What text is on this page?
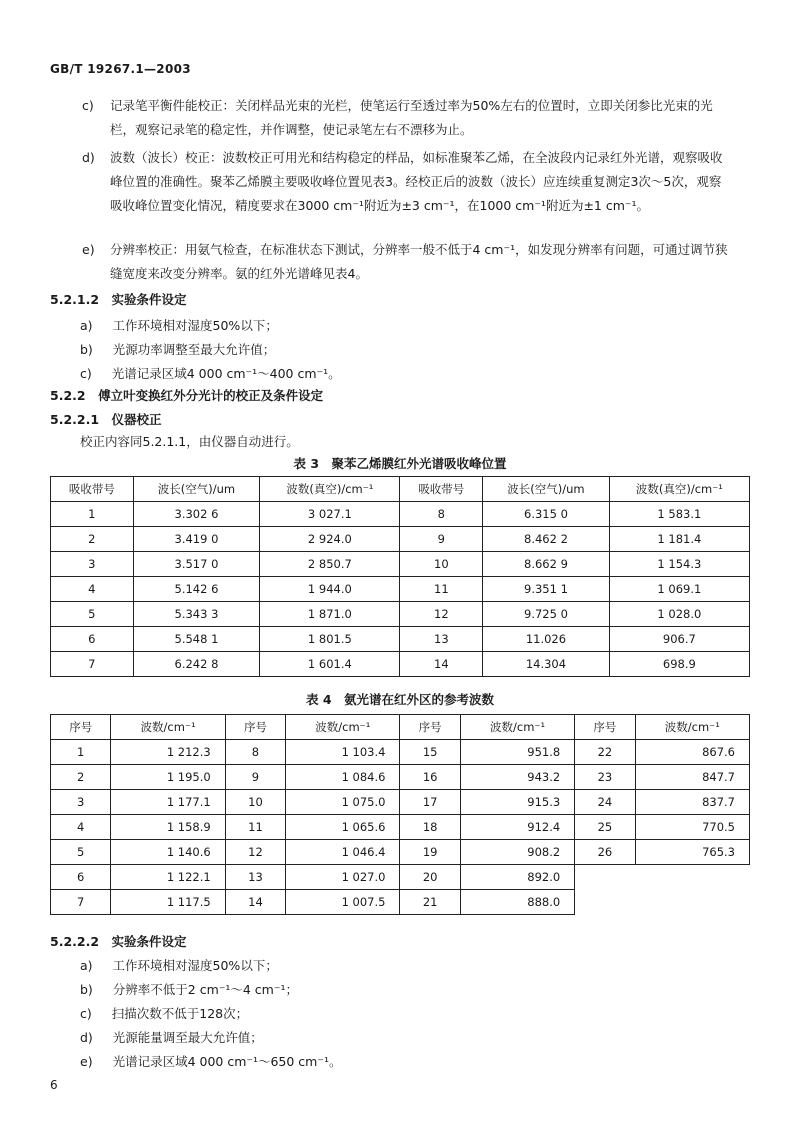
GB/T 19267.1—2003
c) 记录笔平衡件能校正：关闭样品光束的光栏，使笔运行至透过率为50%左右的位置时，立即关闭参比光束的光栏，观察记录笔的稳定性，并作调整，使记录笔左右不漂移为止。
d) 波数（波长）校正：波数校正可用光和结构稳定的样品，如标准聚苯乙烯，在全波段内记录红外光谱，观察吸收峰位置的准确性。聚苯乙烯膜主要吸收峰位置见表3。经校正后的波数（波长）应连续重复测定3次～5次，观察吸收峰位置变化情况，精度要求在3000 cm⁻¹附近为±3 cm⁻¹，在1000 cm⁻¹附近为±1 cm⁻¹。
e) 分辨率校正：用氨气检查，在标准状态下测试，分辨率一般不低于4 cm⁻¹，如发现分辨率有问题，可通过调节狭缝宽度来改变分辨率。氨的红外光谱峰见表4。
5.2.1.2　实验条件设定
a) 工作环境相对湿度50%以下；
b) 光源功率调整至最大允许值；
c) 光谱记录区域4 000 cm⁻¹～400 cm⁻¹。
5.2.2　傅立叶变换红外分光计的校正及条件设定
5.2.2.1　仪器校正
校正内容同5.2.1.1，由仪器自动进行。
表 3　聚苯乙烯膜红外光谱吸收峰位置
吸收带号	波长(空气)/um	波数(真空)/cm⁻¹	吸收带号	波长(空气)/um	波数(真空)/cm⁻¹
1	3.302 6	3 027.1	8	6.315 0	1 583.1
2	3.419 0	2 924.0	9	8.462 2	1 181.4
3	3.517 0	2 850.7	10	8.662 9	1 154.3
4	5.142 6	1 944.0	11	9.351 1	1 069.1
5	5.343 3	1 871.0	12	9.725 0	1 028.0
6	5.548 1	1 801.5	13	11.026	906.7
7	6.242 8	1 601.4	14	14.304	698.9
表 4　氨光谱在红外区的参考波数
序号	波数/cm⁻¹	序号	波数/cm⁻¹	序号	波数/cm⁻¹	序号	波数/cm⁻¹
1	1 212.3	8	1 103.4	15	951.8	22	867.6
2	1 195.0	9	1 084.6	16	943.2	23	847.7
3	1 177.1	10	1 075.0	17	915.3	24	837.7
4	1 158.9	11	1 065.6	18	912.4	25	770.5
5	1 140.6	12	1 046.4	19	908.2	26	765.3
6	1 122.1	13	1 027.0	20	892.0		
7	1 117.5	14	1 007.5	21	888.0		
5.2.2.2　实验条件设定
a) 工作环境相对湿度50%以下；
b) 分辨率不低于2 cm⁻¹～4 cm⁻¹；
c) 扫描次数不低于128次；
d) 光源能量调至最大允许值；
e) 光谱记录区域4 000 cm⁻¹～650 cm⁻¹。
6
